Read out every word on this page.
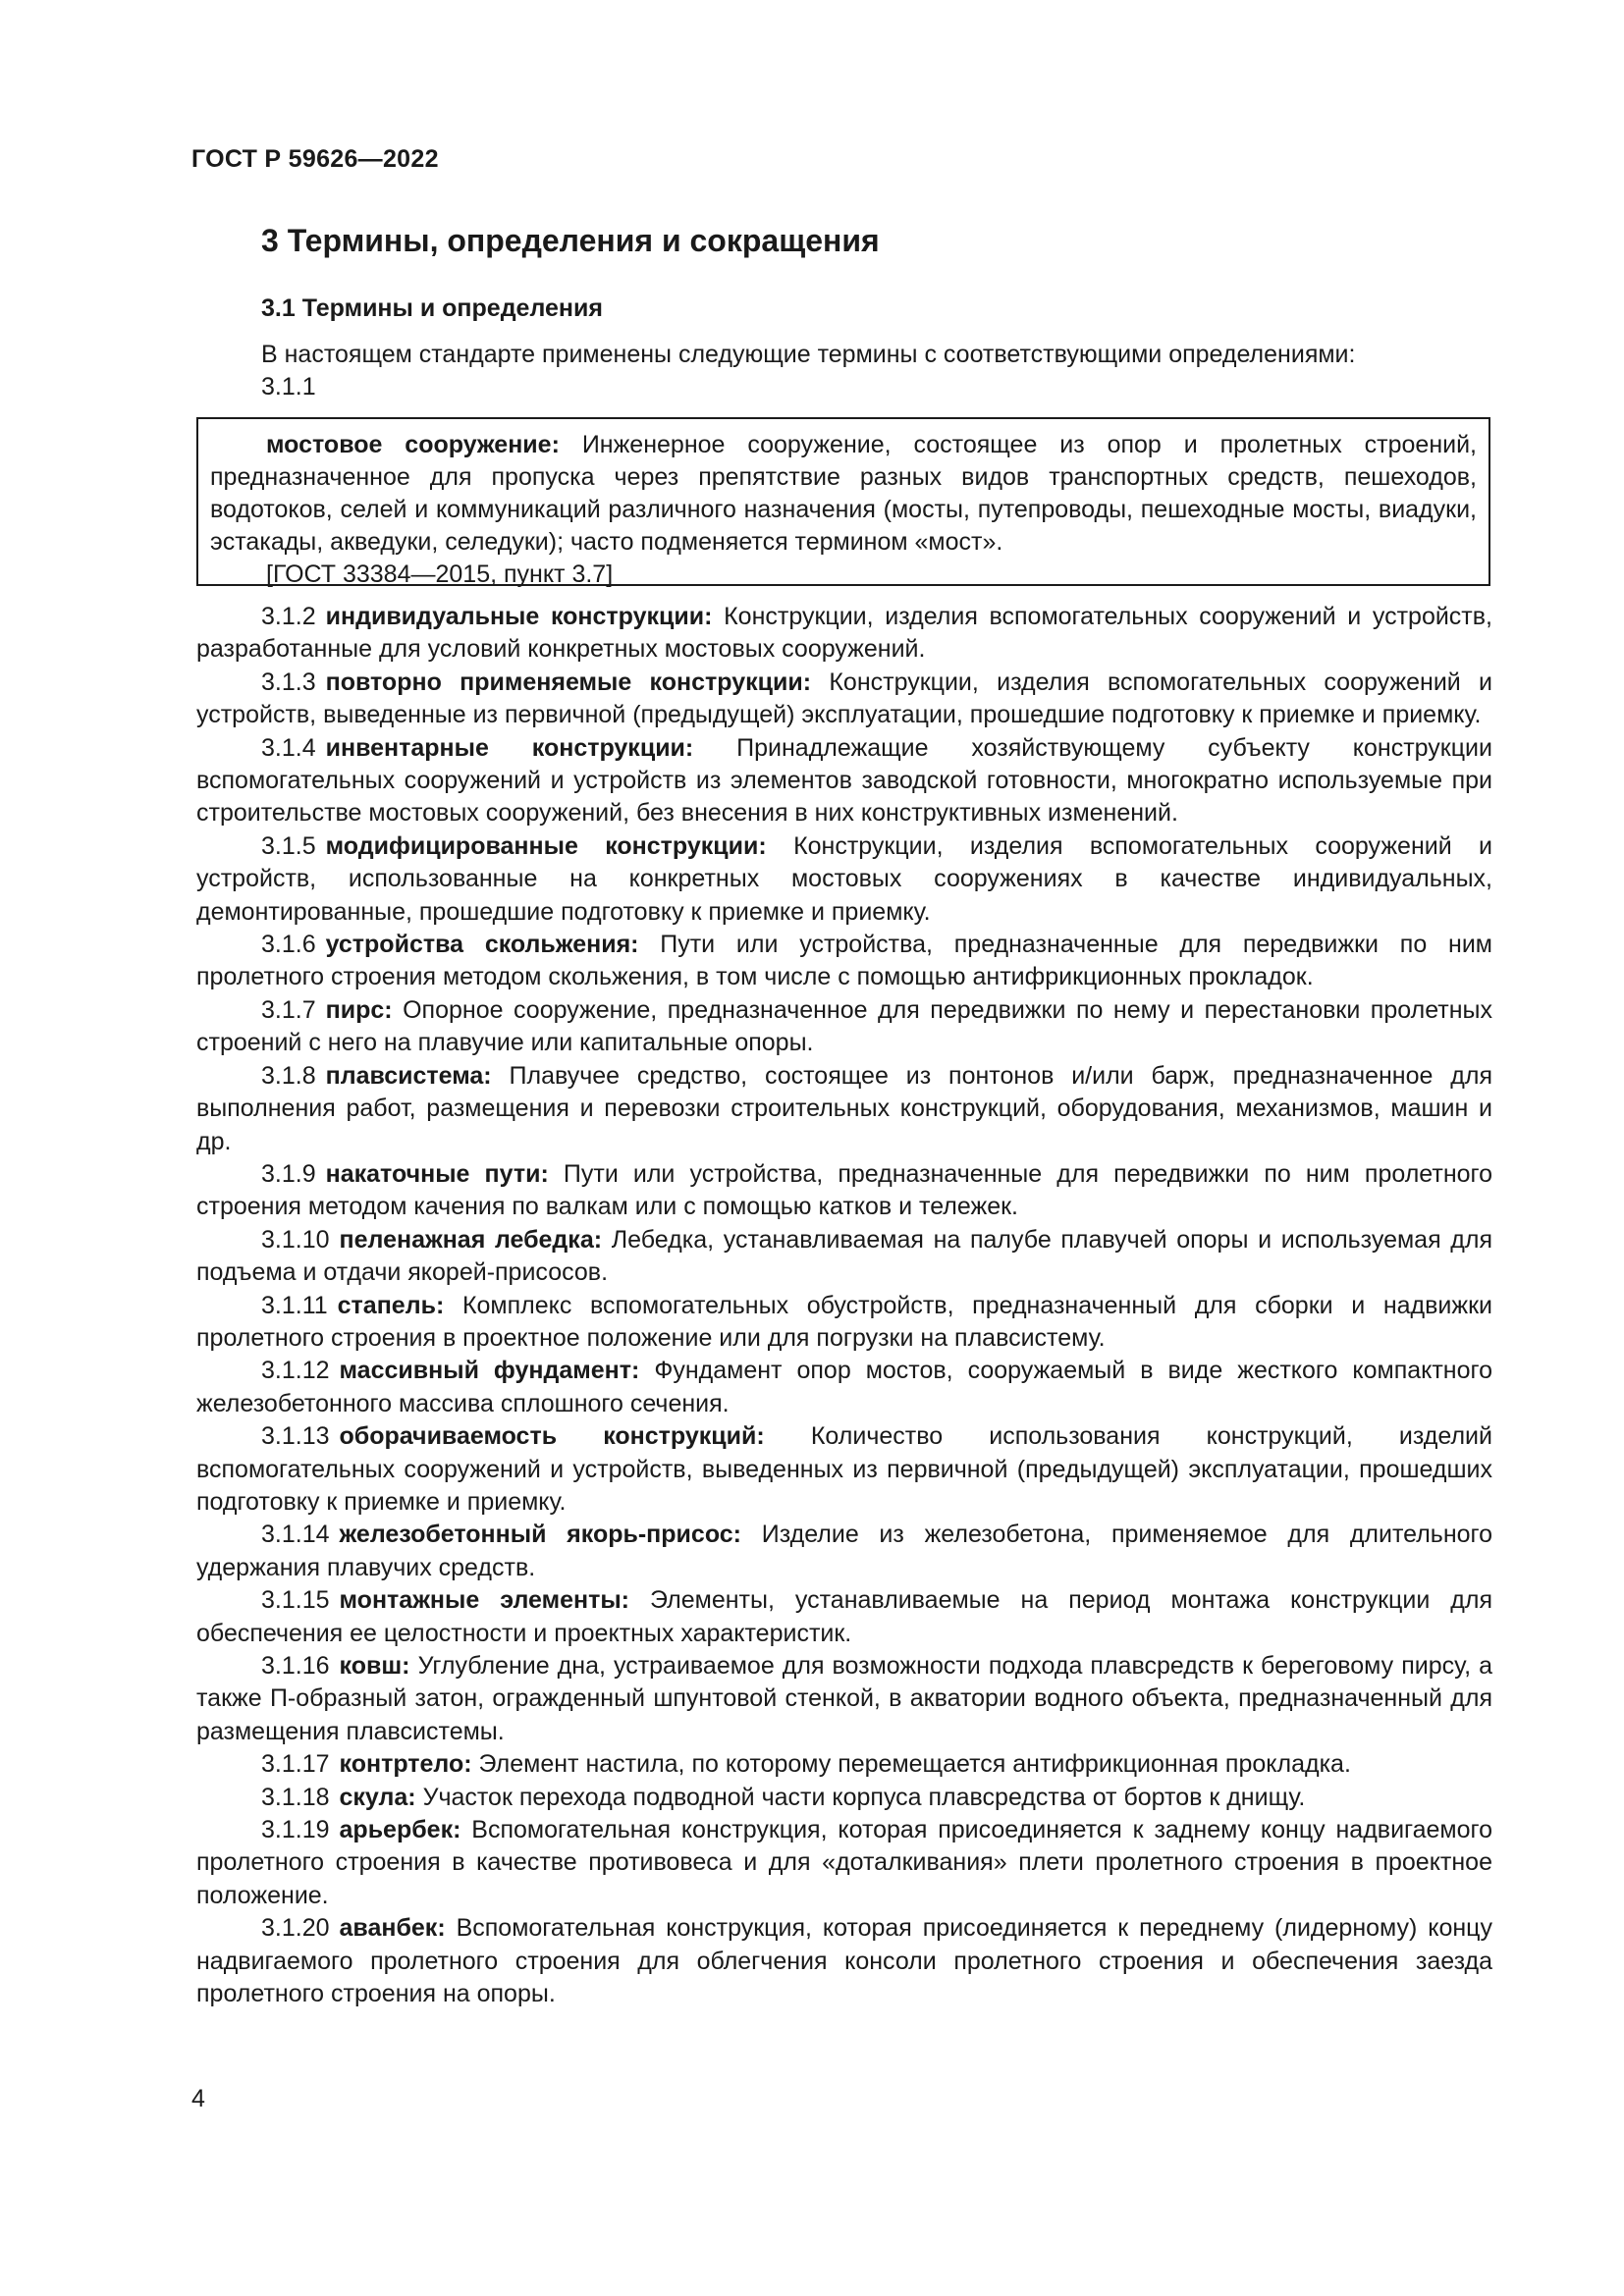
ГОСТ Р 59626—2022
3 Термины, определения и сокращения
3.1 Термины и определения
В настоящем стандарте применены следующие термины с соответствующими определениями:
3.1.1
мостовое сооружение: Инженерное сооружение, состоящее из опор и пролетных строений, предназначенное для пропуска через препятствие разных видов транспортных средств, пешеходов, водотоков, селей и коммуникаций различного назначения (мосты, путепроводы, пешеходные мосты, виадуки, эстакады, акведуки, селедуки); часто подменяется термином «мост».
[ГОСТ 33384—2015, пункт 3.7]

3.1.2 индивидуальные конструкции: Конструкции, изделия вспомогательных сооружений и устройств, разработанные для условий конкретных мостовых сооружений.

3.1.3 повторно применяемые конструкции: Конструкции, изделия вспомогательных сооружений и устройств, выведенные из первичной (предыдущей) эксплуатации, прошедшие подготовку к приемке и приемку.

3.1.4 инвентарные конструкции: Принадлежащие хозяйствующему субъекту конструкции вспомогательных сооружений и устройств из элементов заводской готовности, многократно используемые при строительстве мостовых сооружений, без внесения в них конструктивных изменений.

3.1.5 модифицированные конструкции: Конструкции, изделия вспомогательных сооружений и устройств, использованные на конкретных мостовых сооружениях в качестве индивидуальных, демонтированные, прошедшие подготовку к приемке и приемку.

3.1.6 устройства скольжения: Пути или устройства, предназначенные для передвижки по ним пролетного строения методом скольжения, в том числе с помощью антифрикционных прокладок.

3.1.7 пирс: Опорное сооружение, предназначенное для передвижки по нему и перестановки пролетных строений с него на плавучие или капитальные опоры.

3.1.8 плавсистема: Плавучее средство, состоящее из понтонов и/или барж, предназначенное для выполнения работ, размещения и перевозки строительных конструкций, оборудования, механизмов, машин и др.

3.1.9 накаточные пути: Пути или устройства, предназначенные для передвижки по ним пролетного строения методом качения по валкам или с помощью катков и тележек.

3.1.10 пеленажная лебедка: Лебедка, устанавливаемая на палубе плавучей опоры и используемая для подъема и отдачи якорей-присосов.

3.1.11 стапель: Комплекс вспомогательных обустройств, предназначенный для сборки и надвижки пролетного строения в проектное положение или для погрузки на плавсистему.

3.1.12 массивный фундамент: Фундамент опор мостов, сооружаемый в виде жесткого компактного железобетонного массива сплошного сечения.

3.1.13 оборачиваемость конструкций: Количество использования конструкций, изделий вспомогательных сооружений и устройств, выведенных из первичной (предыдущей) эксплуатации, прошедших подготовку к приемке и приемку.

3.1.14 железобетонный якорь-присос: Изделие из железобетона, применяемое для длительного удержания плавучих средств.

3.1.15 монтажные элементы: Элементы, устанавливаемые на период монтажа конструкции для обеспечения ее целостности и проектных характеристик.

3.1.16 ковш: Углубление дна, устраиваемое для возможности подхода плавсредств к береговому пирсу, а также П-образный затон, огражденный шпунтовой стенкой, в акватории водного объекта, предназначенный для размещения плавсистемы.

3.1.17 контртело: Элемент настила, по которому перемещается антифрикционная прокладка.

3.1.18 скула: Участок перехода подводной части корпуса плавсредства от бортов к днищу.

3.1.19 арьербек: Вспомогательная конструкция, которая присоединяется к заднему концу надвигаемого пролетного строения в качестве противовеса и для «доталкивания» плети пролетного строения в проектное положение.

3.1.20 аванбек: Вспомогательная конструкция, которая присоединяется к переднему (лидерному) концу надвигаемого пролетного строения для облегчения консоли пролетного строения и обеспечения заезда пролетного строения на опоры.

4
